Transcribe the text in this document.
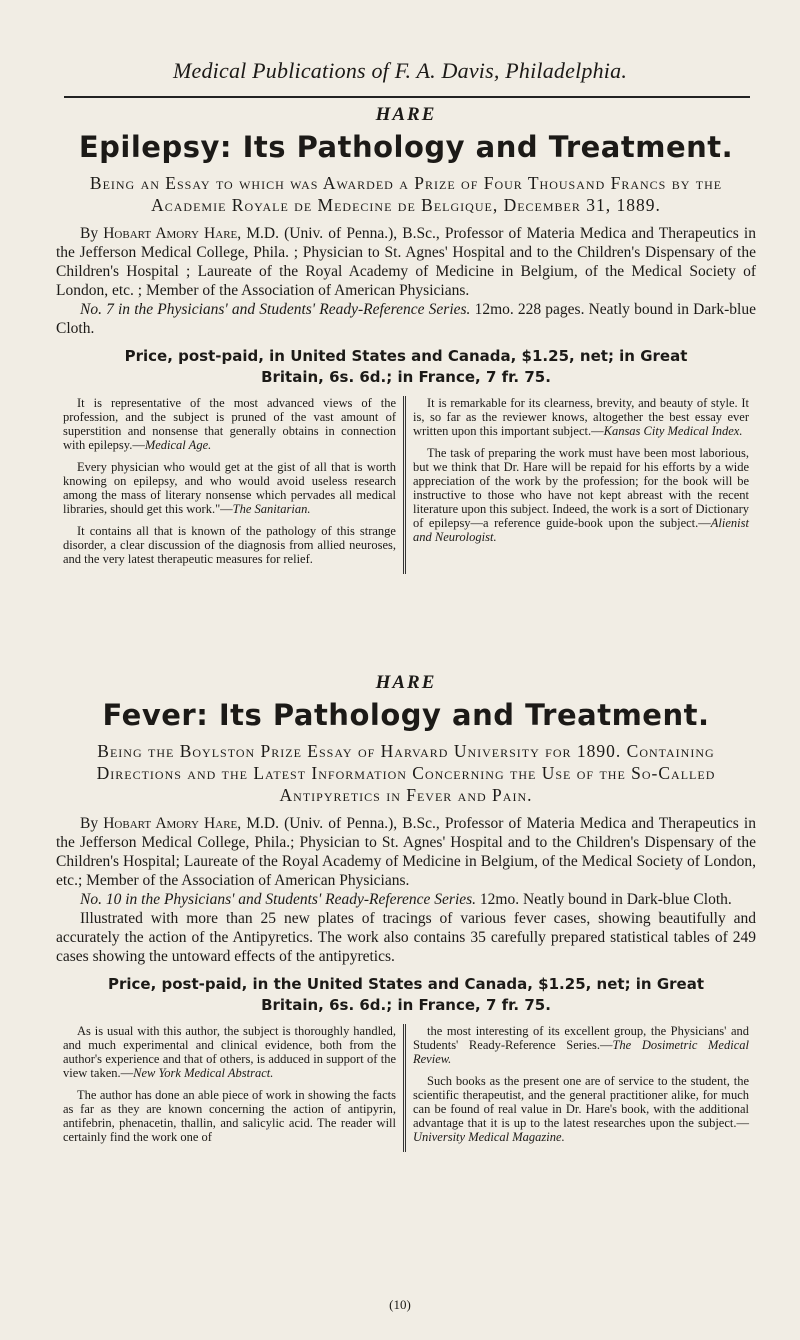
Medical Publications of F. A. Davis, Philadelphia.

HARE

Epilepsy: Its Pathology and Treatment.

Being an Essay to which was Awarded a Prize of Four Thousand Francs by the Academie Royale de Medecine de Belgique, December 31, 1889.

By Hobart Amory Hare, M.D. (Univ. of Penna.), B.Sc., Professor of Materia Medica and Therapeutics in the Jefferson Medical College, Phila. ; Physician to St. Agnes' Hospital and to the Children's Dispensary of the Children's Hospital ; Laureate of the Royal Academy of Medicine in Belgium, of the Medical Society of London, etc. ; Member of the Association of American Physicians.

No. 7 in the Physicians' and Students' Ready-Reference Series. 12mo. 228 pages. Neatly bound in Dark-blue Cloth.

Price, post-paid, in United States and Canada, $1.25, net; in Great Britain, 6s. 6d.; in France, 7 fr. 75.

It is representative of the most advanced views of the profession, and the subject is pruned of the vast amount of superstition and nonsense that generally obtains in connection with epilepsy.—Medical Age.

Every physician who would get at the gist of all that is worth knowing on epilepsy, and who would avoid useless research among the mass of literary nonsense which pervades all medical libraries, should get this work."—The Sanitarian.

It contains all that is known of the pathology of this strange disorder, a clear discussion of the diagnosis from allied neuroses, and the very latest therapeutic measures for relief.

It is remarkable for its clearness, brevity, and beauty of style. It is, so far as the reviewer knows, altogether the best essay ever written upon this important subject.—Kansas City Medical Index.

The task of preparing the work must have been most laborious, but we think that Dr. Hare will be repaid for his efforts by a wide appreciation of the work by the profession; for the book will be instructive to those who have not kept abreast with the recent literature upon this subject. Indeed, the work is a sort of Dictionary of epilepsy—a reference guide-book upon the subject.—Alienist and Neurologist.

HARE

Fever: Its Pathology and Treatment.

Being the Boylston Prize Essay of Harvard University for 1890. Containing Directions and the Latest Information Concerning the Use of the So-Called Antipyretics in Fever and Pain.

By Hobart Amory Hare, M.D. (Univ. of Penna.), B.Sc., Professor of Materia Medica and Therapeutics in the Jefferson Medical College, Phila.; Physician to St. Agnes' Hospital and to the Children's Dispensary of the Children's Hospital; Laureate of the Royal Academy of Medicine in Belgium, of the Medical Society of London, etc.; Member of the Association of American Physicians.

No. 10 in the Physicians' and Students' Ready-Reference Series. 12mo. Neatly bound in Dark-blue Cloth.

Illustrated with more than 25 new plates of tracings of various fever cases, showing beautifully and accurately the action of the Antipyretics. The work also contains 35 carefully prepared statistical tables of 249 cases showing the untoward effects of the antipyretics.

Price, post-paid, in the United States and Canada, $1.25, net; in Great Britain, 6s. 6d.; in France, 7 fr. 75.

As is usual with this author, the subject is thoroughly handled, and much experimental and clinical evidence, both from the author's experience and that of others, is adduced in support of the view taken.—New York Medical Abstract.

The author has done an able piece of work in showing the facts as far as they are known concerning the action of antipyrin, antifebrin, phenacetin, thallin, and salicylic acid. The reader will certainly find the work one of

the most interesting of its excellent group, the Physicians' and Students' Ready-Reference Series.—The Dosimetric Medical Review.

Such books as the present one are of service to the student, the scientific therapeutist, and the general practitioner alike, for much can be found of real value in Dr. Hare's book, with the additional advantage that it is up to the latest researches upon the subject.—University Medical Magazine.

(10)
